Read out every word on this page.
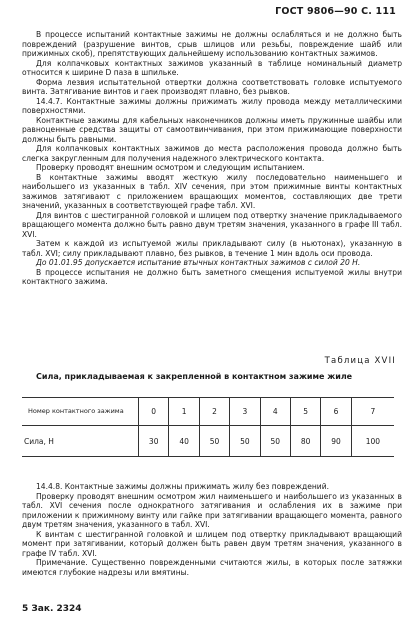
ГОСТ 9806—90 С. 111

В процессе испытаний контактные зажимы не должны ослабляться и не должно быть повреждений (разрушение винтов, срыв шлицов или резьбы, повреждение шайб или прижимных скоб), препятствующих дальнейшему использованию контактных зажимов.

Для колпачковых контактных зажимов указанный в таблице номинальный диаметр относится к ширине D паза в шпильке.

Форма лезвия испытательной отвертки должна соответствовать головке испытуемого винта. Затягивание винтов и гаек производят плавно, без рывков.

14.4.7. Контактные зажимы должны прижимать жилу провода между металлическими поверхностями.

Контактные зажимы для кабельных наконечников должны иметь пружинные шайбы или равноценные средства защиты от самоотвинчивания, при этом прижимающие поверхности должны быть равными.

Для колпачковых контактных зажимов до места расположения провода должно быть слегка закругленным для получения надежного электрического контакта.

Проверку проводят внешним осмотром и следующим испытанием.

В контактные зажимы вводят жесткую жилу последовательно наименьшего и наибольшего из указанных в табл. XIV сечения, при этом прижимные винты контактных зажимов затягивают с приложением вращающих моментов, составляющих две трети значений, указанных в соответствующей графе табл. XVI.

Для винтов с шестигранной головкой и шлицем под отвертку значение прикладываемого вращающего момента должно быть равно двум третям значения, указанного в графе III табл. XVI.

Затем к каждой из испытуемой жилы прикладывают силу (в ньютонах), указанную в табл. XVI; силу прикладывают плавно, без рывков, в течение 1 мин вдоль оси провода.

До 01.01.95 допускается испытание втычных контактных зажимов с силой 20 Н.

В процессе испытания не должно быть заметного смещения испытуемой жилы внутри контактного зажима.

Таблица XVII
Сила, прикладываемая к закрепленной в контактном зажиме жиле
Номер контактного зажима	0	1	2	3	4	5	6	7
Сила, Н	30	40	50	50	50	80	90	100

14.4.8. Контактные зажимы должны прижимать жилу без повреждений.

Проверку проводят внешним осмотром жил наименьшего и наибольшего из указанных в табл. XVI сечения после однократного затягивания и ослабления их в зажиме при приложении к прижимному винту или гайке при затягивании вращающего момента, равного двум третям значения, указанного в табл. XVI.

К винтам с шестигранной головкой и шлицем под отвертку прикладывают вращающий момент при затягивании, который должен быть равен двум третям значения, указанного в графе IV табл. XVI.

Примечание. Существенно поврежденными считаются жилы, в которых после затяжки имеются глубокие надрезы или вмятины.

5 Зак. 2324
